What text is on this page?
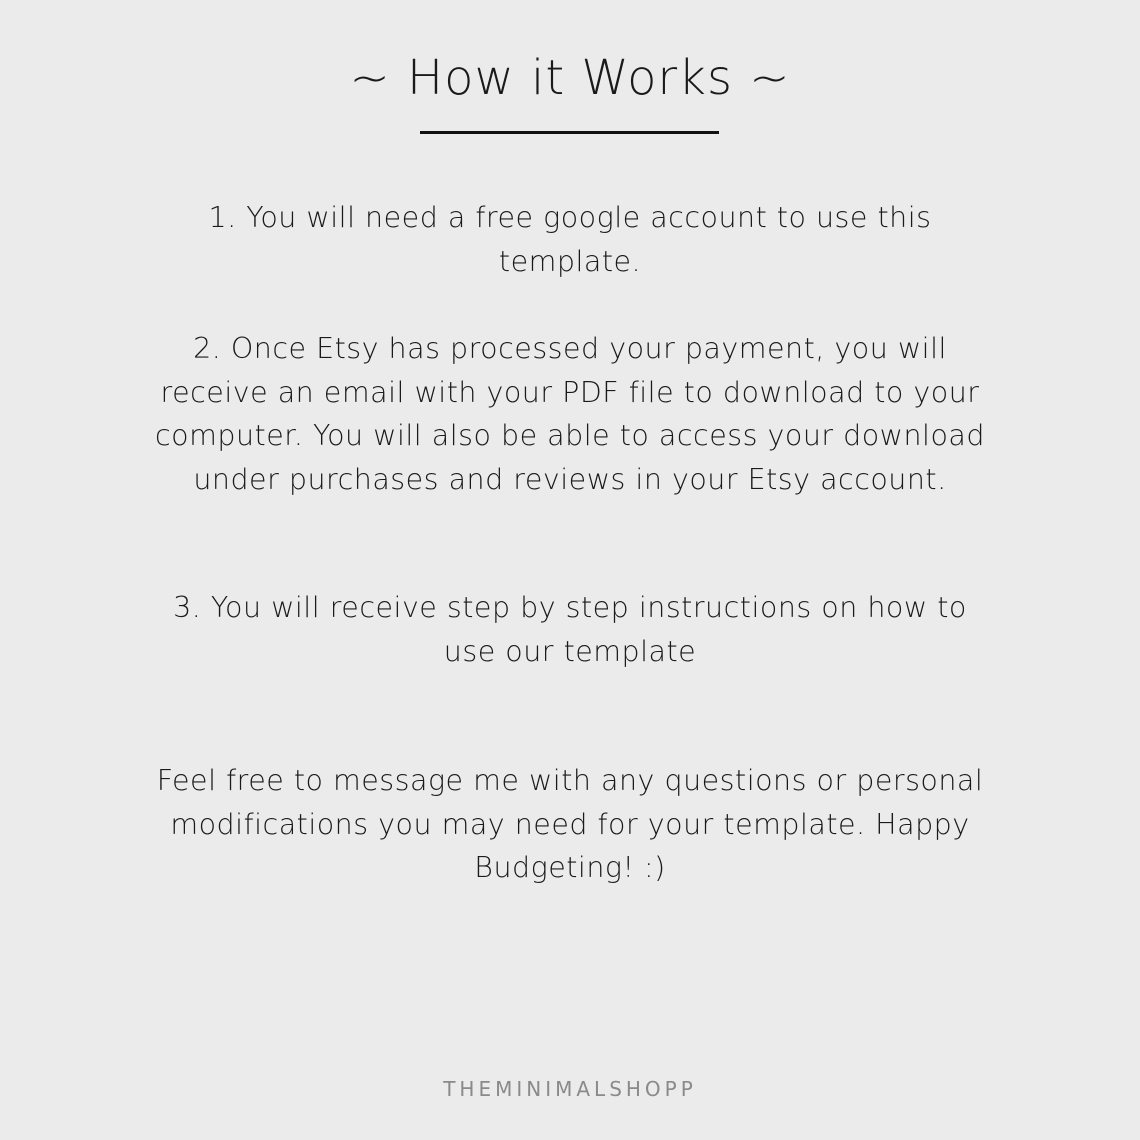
~ How it Works ~

1. You will need a free google account to use this template.

2. Once Etsy has processed your payment, you will receive an email with your PDF file to download to your computer. You will also be able to access your download under purchases and reviews in your Etsy account.

3. You will receive step by step instructions on how to use our template

Feel free to message me with any questions or personal modifications you may need for your template. Happy Budgeting! :)

THEMINIMALSHOPP
